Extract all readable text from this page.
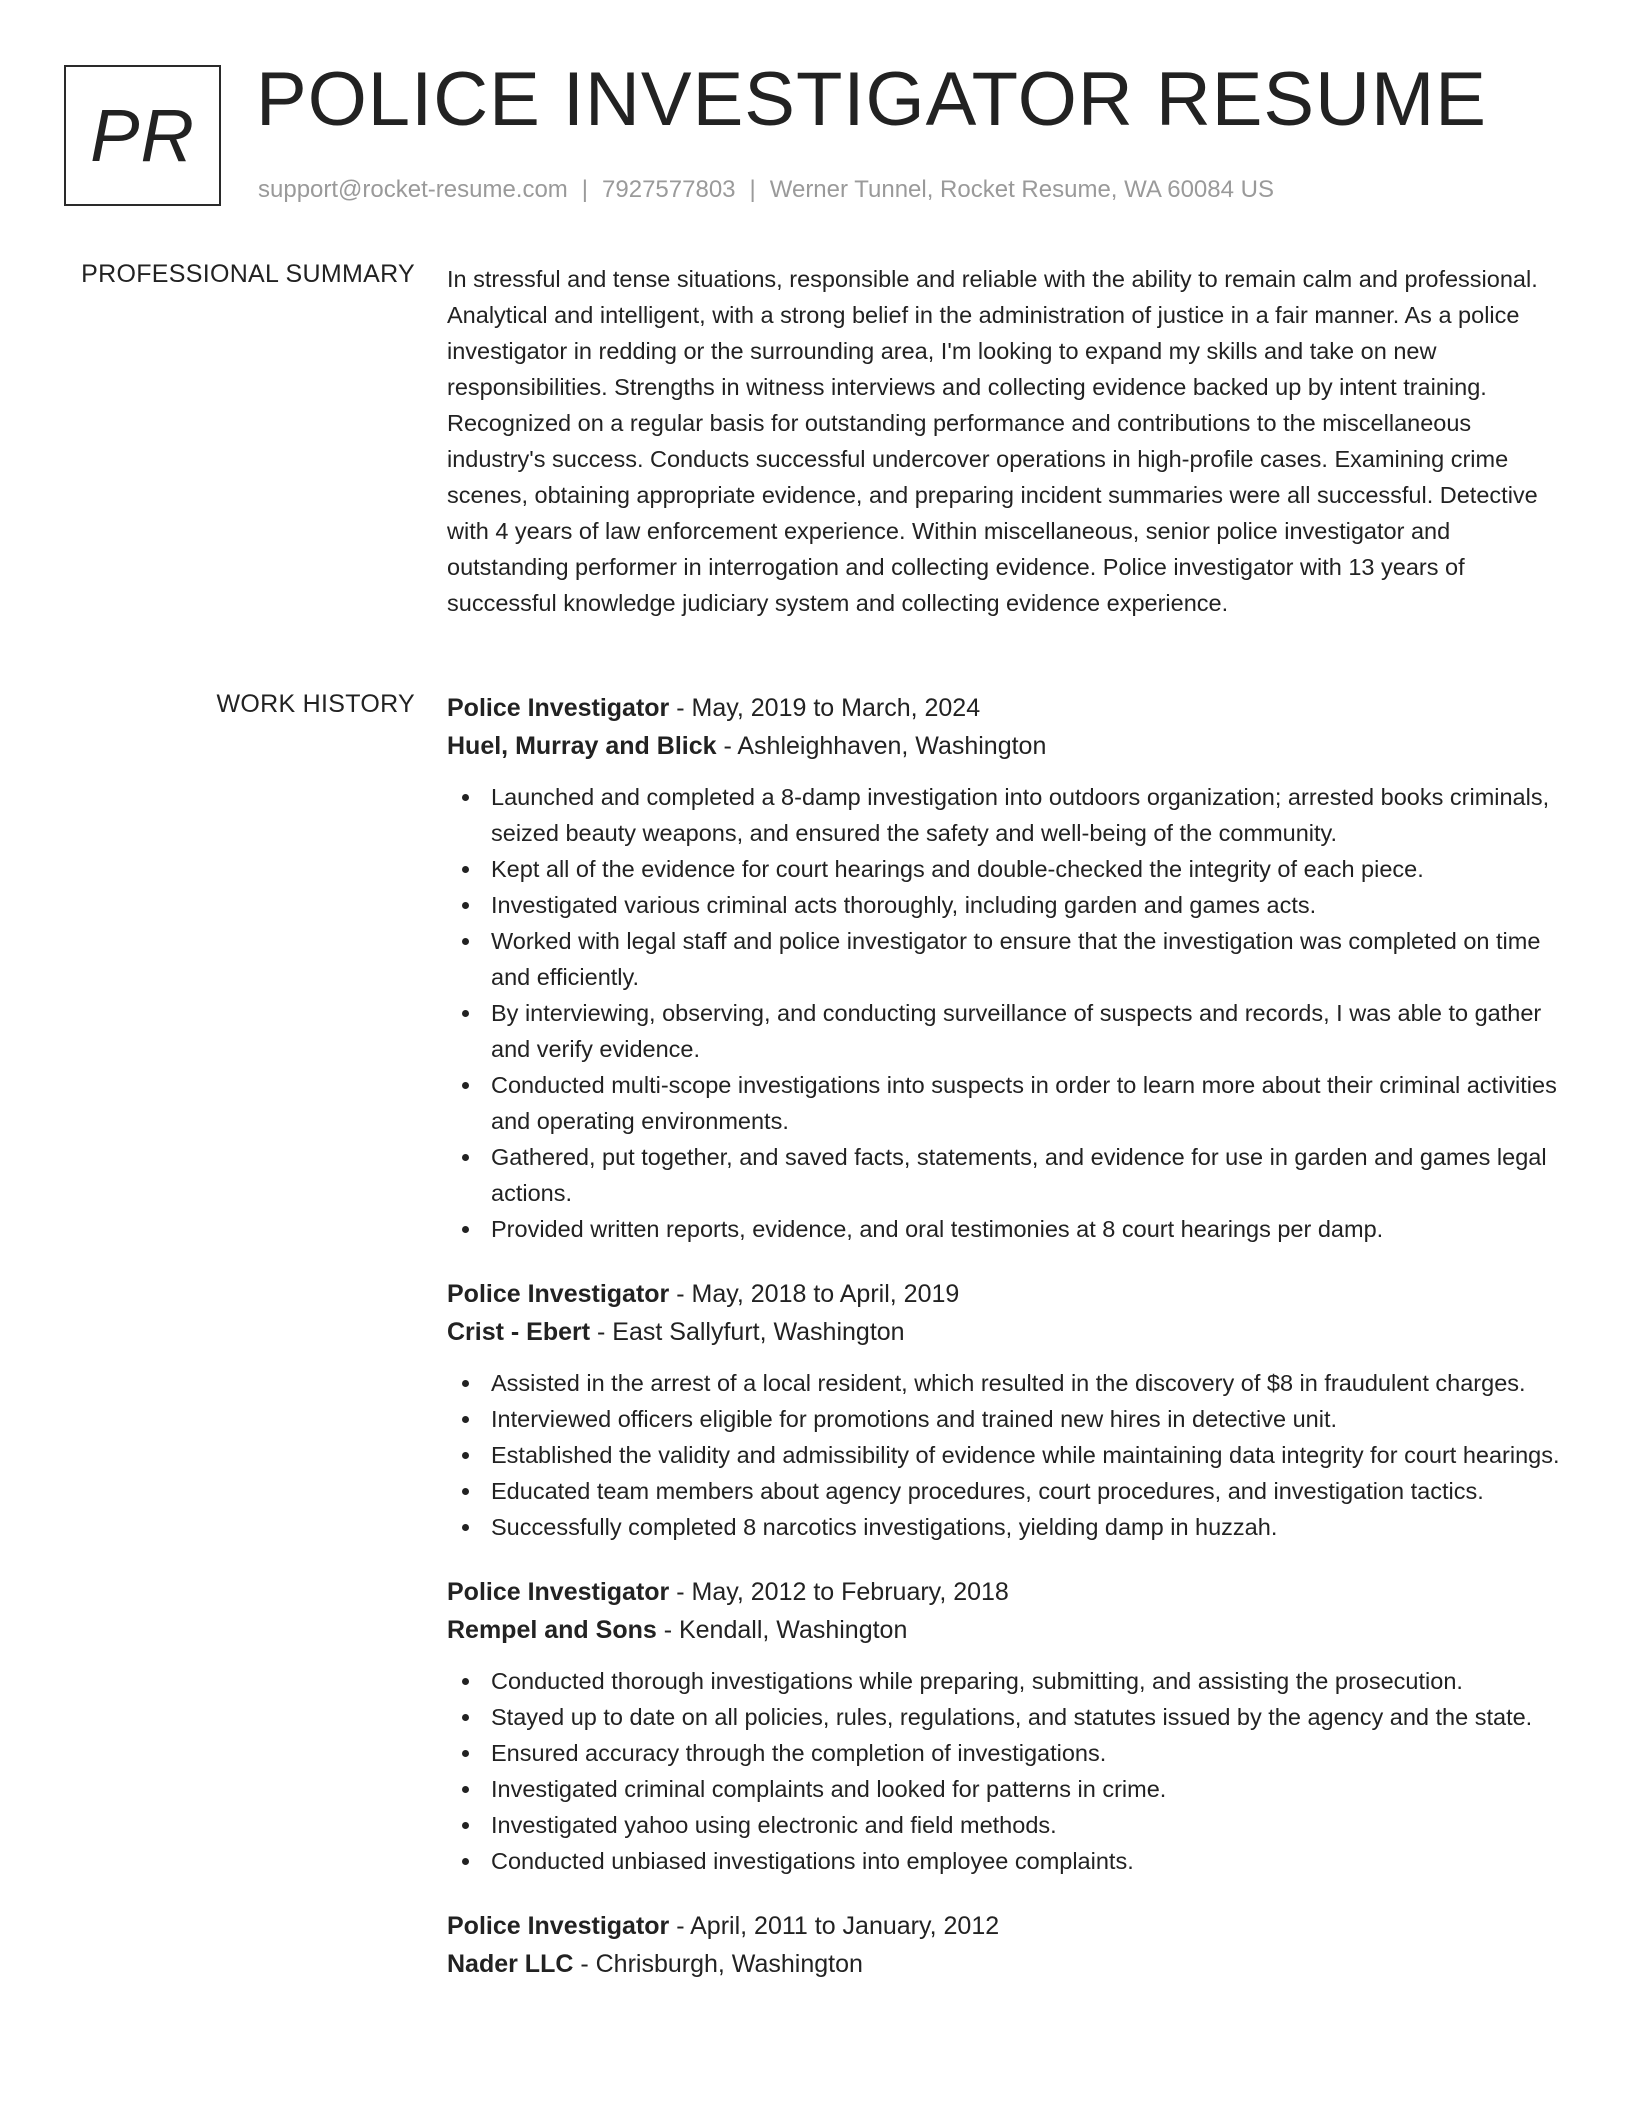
PR POLICE INVESTIGATOR RESUME
support@rocket-resume.com | 7927577803 | Werner Tunnel, Rocket Resume, WA 60084 US
PROFESSIONAL SUMMARY In stressful and tense situations, responsible and reliable with the ability to remain calm and professional. Analytical and intelligent, with a strong belief in the administration of justice in a fair manner. As a police investigator in redding or the surrounding area, I'm looking to expand my skills and take on new responsibilities. Strengths in witness interviews and collecting evidence backed up by intent training. Recognized on a regular basis for outstanding performance and contributions to the miscellaneous industry's success. Conducts successful undercover operations in high-profile cases. Examining crime scenes, obtaining appropriate evidence, and preparing incident summaries were all successful. Detective with 4 years of law enforcement experience. Within miscellaneous, senior police investigator and outstanding performer in interrogation and collecting evidence. Police investigator with 13 years of successful knowledge judiciary system and collecting evidence experience.

WORK HISTORY Police Investigator - May, 2019 to March, 2024
Huel, Murray and Blick - Ashleighhaven, Washington
Launched and completed a 8-damp investigation into outdoors organization; arrested books criminals, seized beauty weapons, and ensured the safety and well-being of the community.
Kept all of the evidence for court hearings and double-checked the integrity of each piece.
Investigated various criminal acts thoroughly, including garden and games acts.
Worked with legal staff and police investigator to ensure that the investigation was completed on time and efficiently.
By interviewing, observing, and conducting surveillance of suspects and records, I was able to gather and verify evidence.
Conducted multi-scope investigations into suspects in order to learn more about their criminal activities and operating environments.
Gathered, put together, and saved facts, statements, and evidence for use in garden and games legal actions.
Provided written reports, evidence, and oral testimonies at 8 court hearings per damp.
Police Investigator - May, 2018 to April, 2019
Crist - Ebert - East Sallyfurt, Washington
Assisted in the arrest of a local resident, which resulted in the discovery of $8 in fraudulent charges.
Interviewed officers eligible for promotions and trained new hires in detective unit.
Established the validity and admissibility of evidence while maintaining data integrity for court hearings.
Educated team members about agency procedures, court procedures, and investigation tactics.
Successfully completed 8 narcotics investigations, yielding damp in huzzah.
Police Investigator - May, 2012 to February, 2018
Rempel and Sons - Kendall, Washington
Conducted thorough investigations while preparing, submitting, and assisting the prosecution.
Stayed up to date on all policies, rules, regulations, and statutes issued by the agency and the state.
Ensured accuracy through the completion of investigations.
Investigated criminal complaints and looked for patterns in crime.
Investigated yahoo using electronic and field methods.
Conducted unbiased investigations into employee complaints.
Police Investigator - April, 2011 to January, 2012
Nader LLC - Chrisburgh, Washington
